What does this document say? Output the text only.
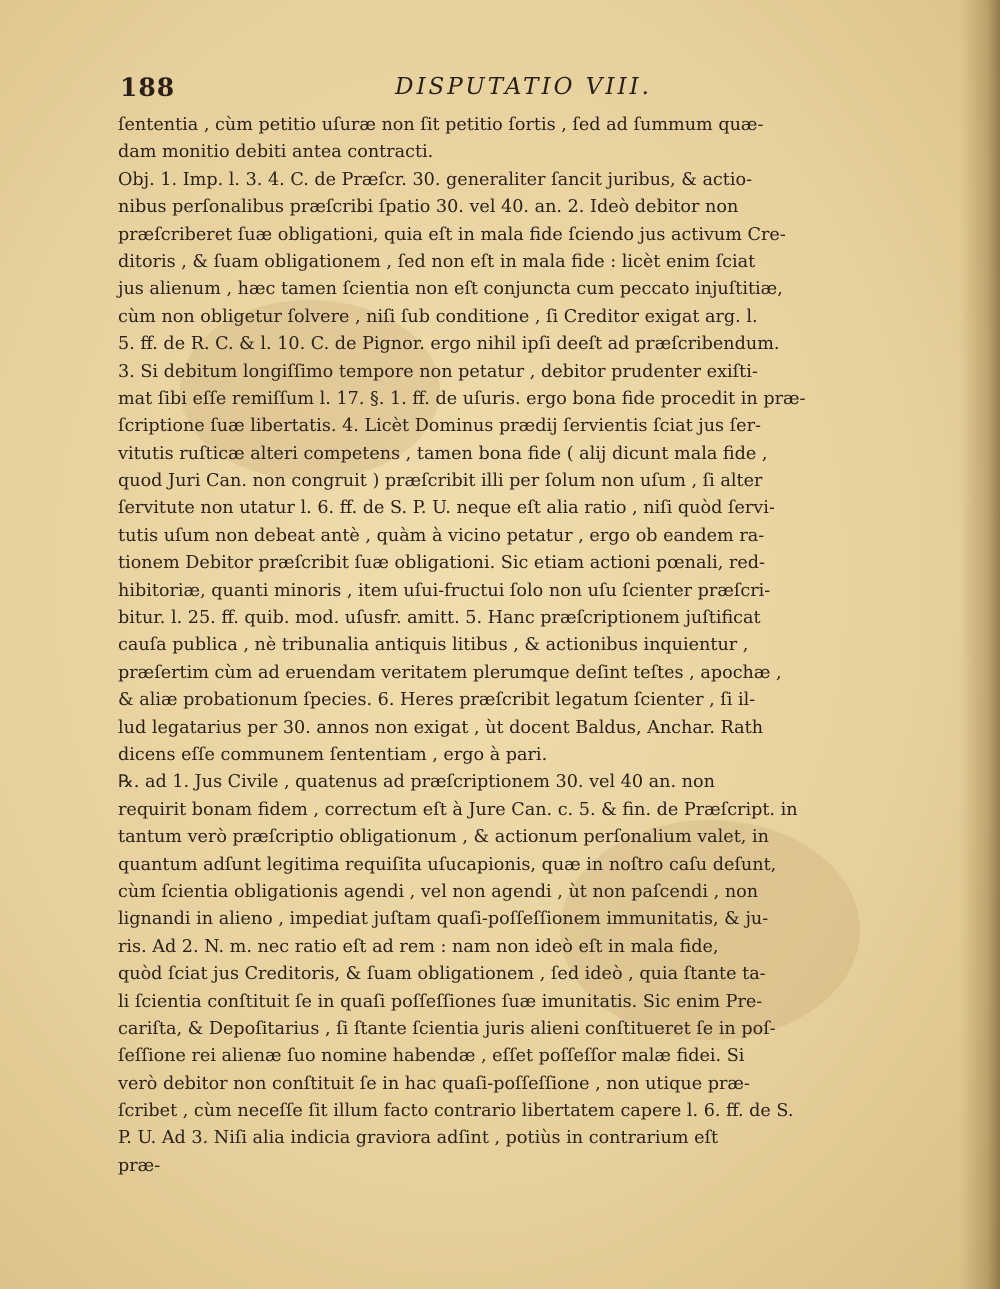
188	DISPUTATIO VIII.
ſententia , cùm petitio uſuræ non ſit petitio ſortis , ſed ad ſummum quæ-
dam monitio debiti antea contracti.
Obj. 1. Imp. l. 3. 4. C. de Præſcr. 30. generaliter ſancit juribus, & actio-
nibus perſonalibus præſcribi ſpatio 30. vel 40. an. 2. Ideò debitor non
præſcriberet ſuæ obligationi, quia eſt in mala fide ſciendo jus activum Cre-
ditoris , & ſuam obligationem , ſed non eſt in mala fide : licèt enim ſciat
jus alienum , hæc tamen ſcientia non eſt conjuncta cum peccato injuſtitiæ,
cùm non obligetur ſolvere , niſi ſub conditione , ſi Creditor exigat arg. l.
5. ff. de R. C. & l. 10. C. de Pignor. ergo nihil ipſi deeſt ad præſcribendum.
3. Si debitum longiſſimo tempore non petatur , debitor prudenter exiſti-
mat ſibi eſſe remiſſum l. 17. §. 1. ff. de uſuris. ergo bona fide procedit in præ-
ſcriptione ſuæ libertatis. 4. Licèt Dominus prædij ſervientis ſciat jus ſer-
vitutis ruſticæ alteri competens , tamen bona fide ( alij dicunt mala fide ,
quod Juri Can. non congruit ) præſcribit illi per ſolum non uſum , ſi alter
ſervitute non utatur l. 6. ff. de S. P. U. neque eſt alia ratio , niſi quòd ſervi-
tutis uſum non debeat antè , quàm à vicino petatur , ergo ob eandem ra-
tionem Debitor præſcribit ſuæ obligationi. Sic etiam actioni pœnali, red-
hibitoriæ, quanti minoris , item uſui-fructui ſolo non uſu ſcienter præſcri-
bitur. l. 25. ff. quib. mod. uſusfr. amitt. 5. Hanc præſcriptionem juſtificat
cauſa publica , nè tribunalia antiquis litibus , & actionibus inquientur ,
præſertim cùm ad eruendam veritatem plerumque deſint teſtes , apochæ ,
& aliæ probationum ſpecies. 6. Heres præſcribit legatum ſcienter , ſi il-
lud legatarius per 30. annos non exigat , ùt docent Baldus, Anchar. Rath
dicens eſſe communem ſententiam , ergo à pari.
℞. ad 1. Jus Civile , quatenus ad præſcriptionem 30. vel 40 an. non
requirit bonam fidem , correctum eſt à Jure Can. c. 5. & fin. de Præſcript. in
tantum verò præſcriptio obligationum , & actionum perſonalium valet, in
quantum adſunt legitima requiſita uſucapionis, quæ in noſtro caſu deſunt,
cùm ſcientia obligationis agendi , vel non agendi , ùt non paſcendi , non
lignandi in alieno , impediat juſtam quaſi-poſſeſſionem immunitatis, & ju-
ris. Ad 2. N. m. nec ratio eſt ad rem : nam non ideò eſt in mala fide,
quòd ſciat jus Creditoris, & ſuam obligationem , ſed ideò , quia ſtante ta-
li ſcientia conſtituit ſe in quaſi poſſeſſiones ſuæ imunitatis. Sic enim Pre-
cariſta, & Depoſitarius , ſi ſtante ſcientia juris alieni conſtitueret ſe in poſ-
ſeſſione rei alienæ ſuo nomine habendæ , eſſet poſſeſſor malæ fidei. Si
verò debitor non conſtituit ſe in hac quaſi-poſſeſſione , non utique præ-
ſcribet , cùm neceſſe ſit illum facto contrario libertatem capere l. 6. ff. de S.
P. U. Ad 3. Niſi alia indicia graviora adſint , potiùs in contrarium eſt
præ-
